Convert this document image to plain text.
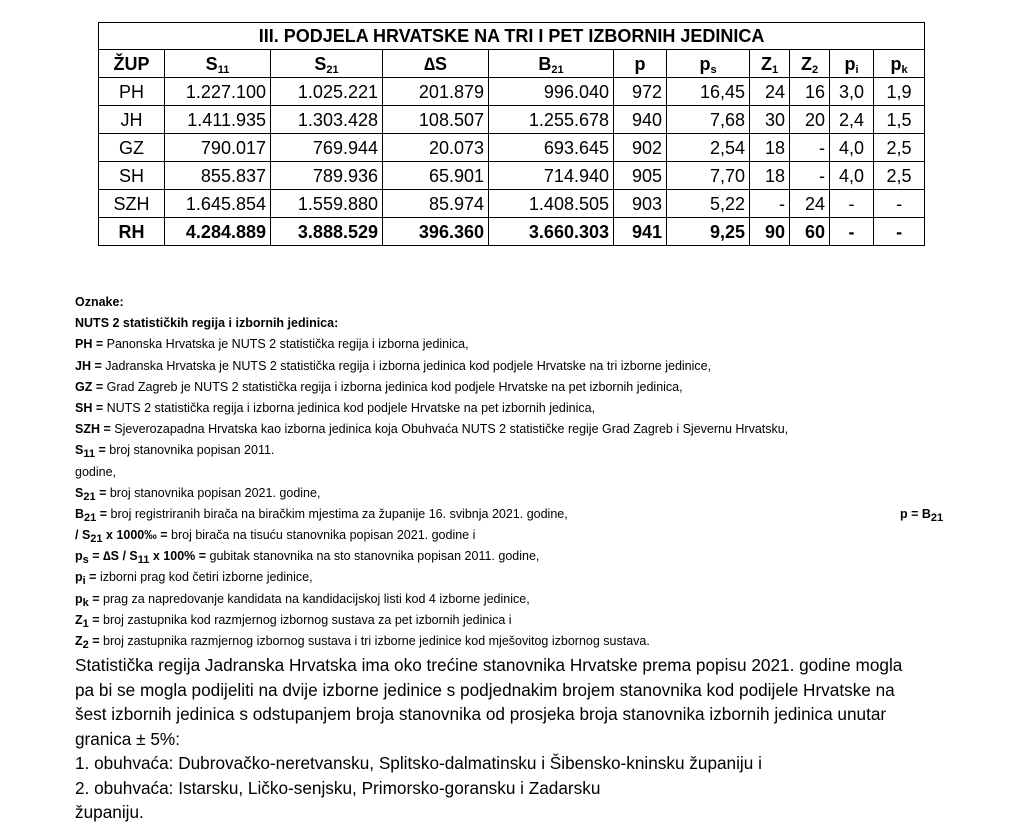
III. PODJELA HRVATSKE NA TRI I PET IZBORNIH JEDINICA										
ŽUP	$S_{11}$	$S_{21}$	∆S	$B_{21}$	p	$p_s$	$Z_1$	$Z_2$	$p_i$	$p_k$
PH	1.227.100	1.025.221	201.879	996.040	972	16,45	24	16	3,0	1,9
JH	1.411.935	1.303.428	108.507	1.255.678	940	7,68	30	20	2,4	1,5
GZ	790.017	769.944	20.073	693.645	902	2,54	18	-	4,0	2,5
SH	855.837	789.936	65.901	714.940	905	7,70	18	-	4,0	2,5
SZH	1.645.854	1.559.880	85.974	1.408.505	903	5,22	-	24	-	-
RH	4.284.889	3.888.529	396.360	3.660.303	941	9,25	90	60	-	-
Oznake:
NUTS 2 statističkih regija i izbornih jedinica:
PH = Panonska Hrvatska je NUTS 2 statistička regija i izborna jedinica,
JH = Jadranska Hrvatska je NUTS 2 statistička regija i izborna jedinica kod podjele Hrvatske na tri izborne jedinice,
GZ = Grad Zagreb je NUTS 2 statistička regija i izborna jedinica kod podjele Hrvatske na pet izbornih jedinica,
SH = NUTS 2 statistička regija i izborna jedinica kod podjele Hrvatske na pet izbornih jedinica,
SZH = Sjeverozapadna Hrvatska kao izborna jedinica koja Obuhvaća NUTS 2 statističke regije Grad Zagreb i Sjevernu Hrvatsku,
$S_{11}$ = broj stanovnika popisan 2011.
godine,
$S_{21}$ = broj stanovnika popisan 2021. godine,
$B_{21}$ = broj registriranih birača na biračkim mjestima za županije 16. svibnja 2021. godine,	$p = B_{21}$
/ $S_{21}$ x 1000‰ = broj birača na tisuću stanovnika popisan 2021. godine i
$p_s = \Delta S / S_{11}$ x 100% = gubitak stanovnika na sto stanovnika popisan 2011. godine,
$p_i$ = izborni prag kod četiri izborne jedinice,
$p_k$ = prag za napredovanje kandidata na kandidacijskoj listi kod 4 izborne jedinice,
$Z_1$ = broj zastupnika kod razmjernog izbornog sustava za pet izbornih jedinica i
$Z_2$ = broj zastupnika razmjernog izbornog sustava i tri izborne jedinice kod mješovitog izbornog sustava.
Statistička regija Jadranska Hrvatska ima oko trećine stanovnika Hrvatske prema popisu 2021. godine mogla
pa bi se mogla podijeliti na dvije izborne jedinice s podjednakim brojem stanovnika kod podijele Hrvatske na
šest izbornih jedinica s odstupanjem broja stanovnika od prosjeka broja stanovnika izbornih jedinica unutar
granica ± 5%:
1. obuhvaća: Dubrovačko-neretvansku, Splitsko-dalmatinsku i Šibensko-kninsku županiju i
2. obuhvaća: Istarsku, Ličko-senjsku, Primorsko-goransku i Zadarsku
županiju.
